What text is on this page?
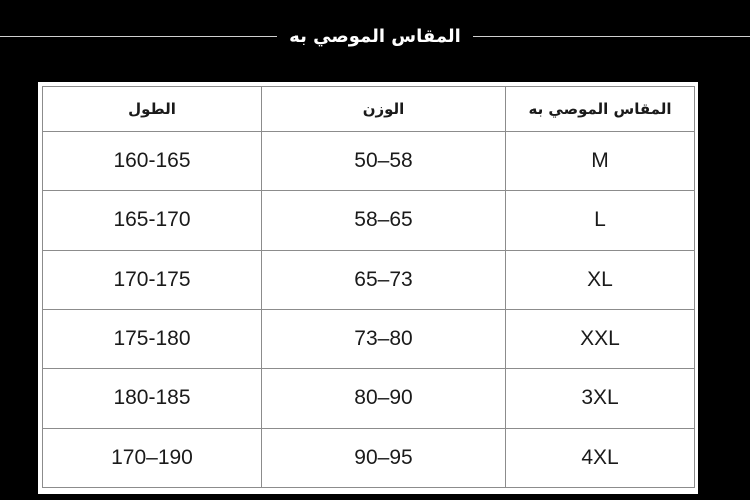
المقاس الموصي به
الطول	الوزن	المقاس الموصي به
160-165	50–58	M
165-170	58–65	L
170-175	65–73	XL
175-180	73–80	XXL
180-185	80–90	3XL
170–190	90–95	4XL
